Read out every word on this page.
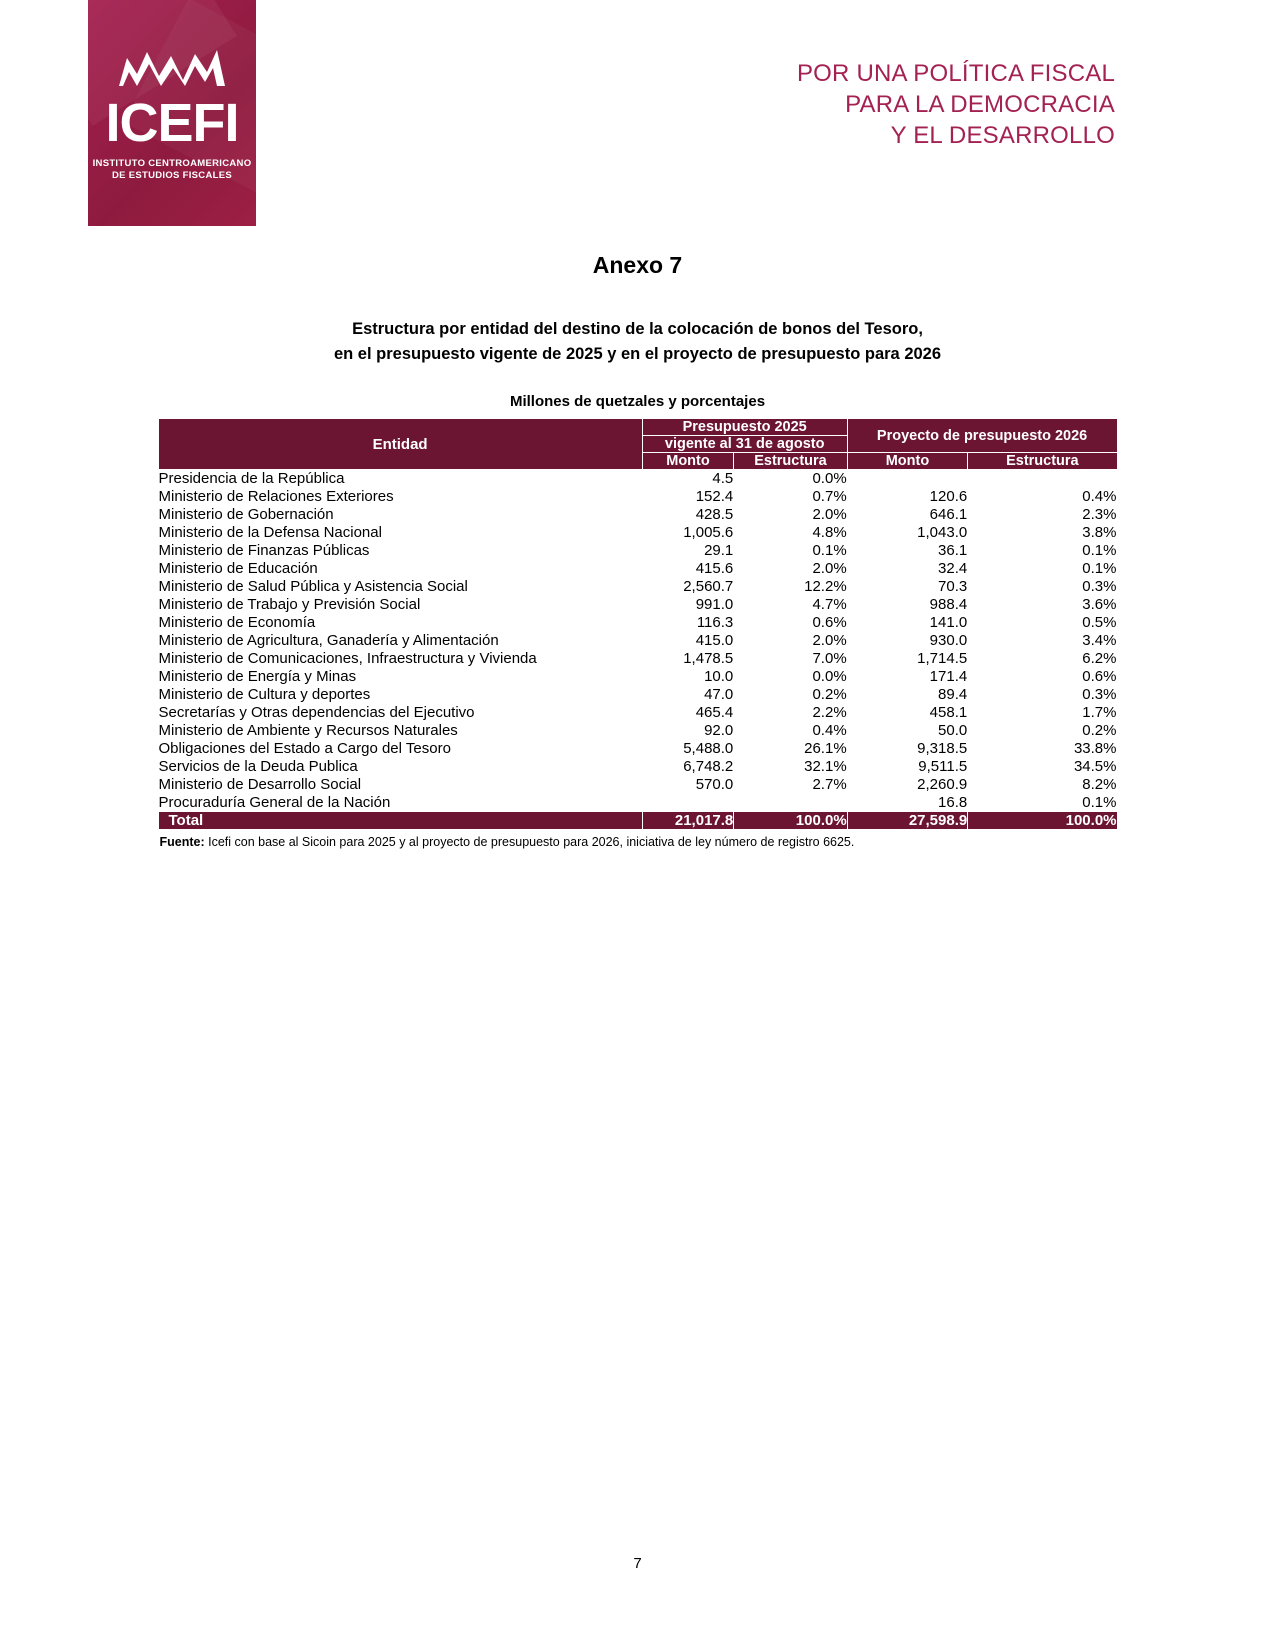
ICEFI
INSTITUTO CENTROAMERICANO
DE ESTUDIOS FISCALES
POR UNA POLÍTICA FISCAL
PARA LA DEMOCRACIA
Y EL DESARROLLO
Anexo 7
Estructura por entidad del destino de la colocación de bonos del Tesoro,
en el presupuesto vigente de 2025 y en el proyecto de presupuesto para 2026
Millones de quetzales y porcentajes
Entidad	Presupuesto 2025		Proyecto de presupuesto 2026	
	vigente al 31 de agosto			
	Monto	Estructura	Monto	Estructura
Presidencia de la República	4.5	0.0%		
Ministerio de Relaciones Exteriores	152.4	0.7%	120.6	0.4%
Ministerio de Gobernación	428.5	2.0%	646.1	2.3%
Ministerio de la Defensa Nacional	1,005.6	4.8%	1,043.0	3.8%
Ministerio de Finanzas Públicas	29.1	0.1%	36.1	0.1%
Ministerio de Educación	415.6	2.0%	32.4	0.1%
Ministerio de Salud Pública y Asistencia Social	2,560.7	12.2%	70.3	0.3%
Ministerio de Trabajo y Previsión Social	991.0	4.7%	988.4	3.6%
Ministerio de Economía	116.3	0.6%	141.0	0.5%
Ministerio de Agricultura, Ganadería y Alimentación	415.0	2.0%	930.0	3.4%
Ministerio de Comunicaciones, Infraestructura y Vivienda	1,478.5	7.0%	1,714.5	6.2%
Ministerio de Energía y Minas	10.0	0.0%	171.4	0.6%
Ministerio de Cultura y deportes	47.0	0.2%	89.4	0.3%
Secretarías y Otras dependencias del Ejecutivo	465.4	2.2%	458.1	1.7%
Ministerio de Ambiente y Recursos Naturales	92.0	0.4%	50.0	0.2%
Obligaciones del Estado a Cargo del Tesoro	5,488.0	26.1%	9,318.5	33.8%
Servicios de la Deuda Publica	6,748.2	32.1%	9,511.5	34.5%
Ministerio de Desarrollo Social	570.0	2.7%	2,260.9	8.2%
Procuraduría General de la Nación			16.8	0.1%
Total	21,017.8	100.0%	27,598.9	100.0%
Fuente: Icefi con base al Sicoin para 2025 y al proyecto de presupuesto para 2026, iniciativa de ley número de registro 6625.
7
